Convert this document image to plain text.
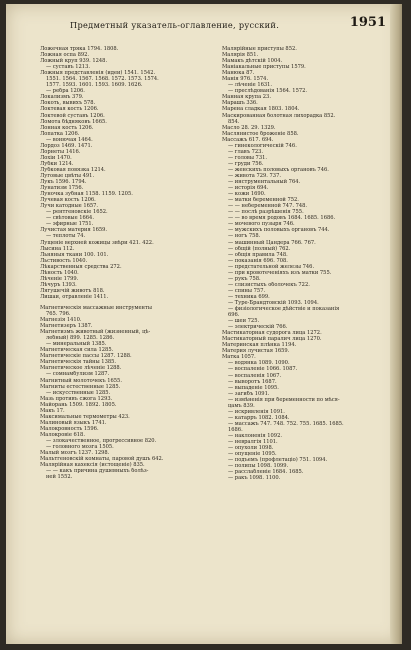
Предметный указатель-оглавление, русский.	1951
Ложечная тряка 1794. 1808.
Ложная оспа 892.
Ложный круп 939. 1248.
— суставъ 1213.
Ложныя представленія (идеи) 1541. 1542.
1551. 1564. 1567. 1568. 1572. 1573. 1574.
1577. 1593. 1601. 1593. 1609. 1626.
— ребра 1206.
Локализмъ 379.
Локоть, вывихъ 578.
Локтевая кость 1206.
Локтевой суставъ 1206.
Ломота бѣдняковъ 1665.
Лонная кость 1206.
Лопатка 1206.
— вонючая 1464.
Лордоз 1469. 1471.
Лорнеты 1416.
Лохіи 1470.
Лубки 1214.
Лубковая повязка 1214.
Луговые цвѣты 491.
Лукъ 1596. 1794.
Лунатизм 1756.
Луночка зубная 1158. 1159. 1205.
Лучевая кость 1206.
Лучи катодные 1657.
— рентгеновскіе 1652.
— свѣтовые 1664.
— эфирные 1751.
Лучистая материя 1659.
— теплоты 74.
Лущеніе верхней кожицы звѣри 421. 422.
Лысина 112.
Льняныя ткани 100. 101.
Льстивость 1040.
Лѣкарственныя средства 272.
Лѣность 1040.
Лѣченіе 1799.
Лѣчуръ 1393.
Лягушечій животъ 818.
Лишаи, отравленіе 1411.
Магнетическія массажные инструменты
765. 796.
Магнезія 1410.
Магнетизеръ 1387.
Магнетизмъ животный (жизненный, цѣ-
лебный) 899. 1285. 1286.
— минеральный 1385.
Магнетическая сила 1285.
Магнетическіе пассы 1287. 1288.
Магнетическія тайны 1385.
Магнетическое лѣченіе 1288.
— сомнамбулизм 1287.
Магнитный молоточекъ 1655.
Магниты естественные 1285.
— искусственные 1285.
Мазь противъ сжога 1293.
Майорань 1509. 1892. 1805.
Макъ 17.
Максимальные термометры 423.
Малиновый языкъ 1741.
Малокровность 1596.
Малокровіе 618.
— злокачественное, прогрессивное 820.
— головного мозга 1505.
Малый мозгъ 1237. 1298.
Мальтгеновскій комнаты, паровой душъ 642.
Малярійная кахексія (истощеніе) 835.
— — какъ причина душевныхъ болѣз-
ней 1552.
Малярійные приступы 852.
Малярія 851.
Мамакъ дѣтскій 1004.
Маніакальные приступы 1579.
Манюка 87.
Манія 976. 1574.
— лѣченіе 1631.
— преслѣдованія 1564. 1572.
Манная крупа 23.
Марашъ 336.
Марена сладкая 1803. 1804.
Маскированная болотная лихорадка 852.
854.
Масло 28. 29. 1329.
Маслянистое броженіе 858.
Массажъ 617. 694.
— гинекологическій 746.
— главъ 723.
— головы 731.
— груди 756.
— женскихъ половыхъ органовъ 746.
— живота 729. 737.
— инструментальный 764.
— исторія 694.
— кожи 1690.
— матки беременной 752.
— — небеременной 747. 748.
— — послѣ разрѣшенія 755.
— — во время родовъ 1684. 1685. 1686.
— мочевого пузыря 746.
— мужскихъ половыхъ органовъ 744.
— ногъ 758.
— машинный Цандера 766. 767.
— общій (полный) 762.
— общія правила 748.
— показанія 696. 708.
— предстательной железы 746.
— при кровотеченіяхъ изъ матки 755.
— рукъ 758.
— слизистыхъ оболочекъ 722.
— спины 757.
— техника 699.
— Туре-Брандтовскій 1093. 1094.
— физіологическое дѣйствіе и показанія
696.
— шеи 725.
— электрическій 766.
Мастикаторная судорога лица 1272.
Мастикаторный паралич лица 1270.
Материнская плѣнка 1194.
Материя лучистая 1659.
Матка 1057.
— водянка 1089. 1090.
— воспаленіе 1066. 1087.
— воспаленія 1067.
— выворотъ 1687.
— выпаденіе 1095.
— загибъ 1091.
— измѣненія при беременности по мѣся-
цамъ 839.
— искривленія 1091.
— катарръ 1082. 1084.
— массажъ 747. 748. 752. 755. 1685. 1685.
1686.
— наклоненія 1092.
— невралгія 1101.
— опухоли 1098.
— опущеніе 1095.
— подъемъ (профлетаціо) 751. 1094.
— полипы 1098. 1099.
— расслабленіе 1684. 1685.
— ракъ 1098. 1100.
